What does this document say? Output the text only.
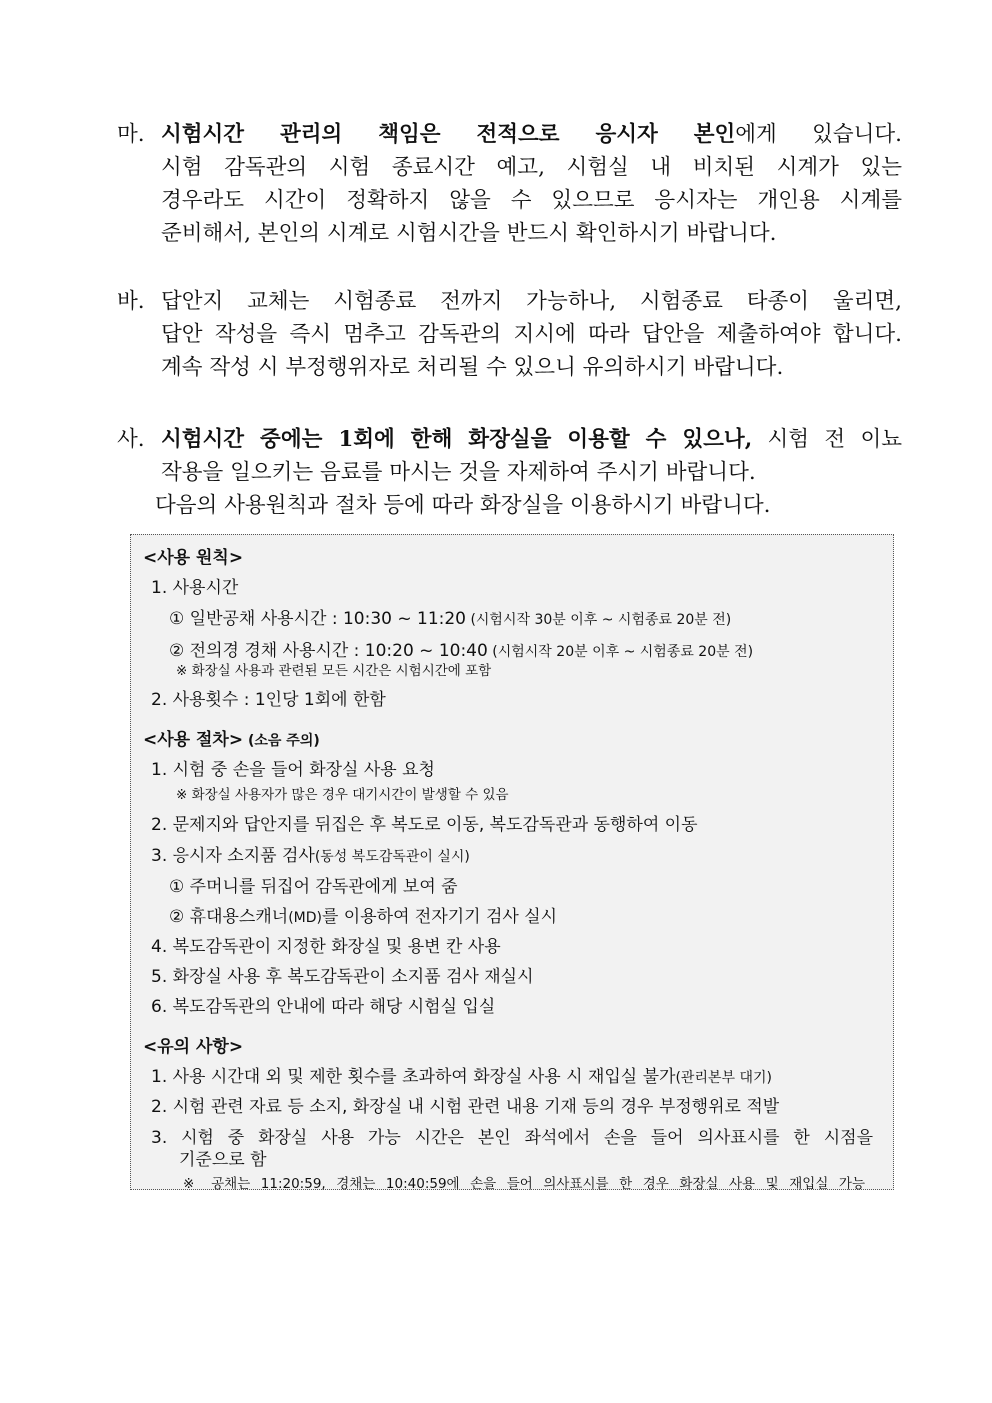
마. 시험시간 관리의 책임은 전적으로 응시자 본인에게 있습니다.
시험 감독관의 시험 종료시간 예고, 시험실 내 비치된 시계가 있는
경우라도 시간이 정확하지 않을 수 있으므로 응시자는 개인용 시계를
준비해서, 본인의 시계로 시험시간을 반드시 확인하시기 바랍니다.
바. 답안지 교체는 시험종료 전까지 가능하나, 시험종료 타종이 울리면,
답안 작성을 즉시 멈추고 감독관의 지시에 따라 답안을 제출하여야 합니다.
계속 작성 시 부정행위자로 처리될 수 있으니 유의하시기 바랍니다.
사. 시험시간 중에는 1회에 한해 화장실을 이용할 수 있으나, 시험 전 이뇨
작용을 일으키는 음료를 마시는 것을 자제하여 주시기 바랍니다.
다음의 사용원칙과 절차 등에 따라 화장실을 이용하시기 바랍니다.
<사용 원칙>
1. 사용시간
① 일반공채 사용시간 : 10:30 ~ 11:20 (시험시작 30분 이후 ~ 시험종료 20분 전)
② 전의경 경채 사용시간 : 10:20 ~ 10:40 (시험시작 20분 이후 ~ 시험종료 20분 전)
※ 화장실 사용과 관련된 모든 시간은 시험시간에 포함
2. 사용횟수 : 1인당 1회에 한함
<사용 절차> (소음 주의)
1. 시험 중 손을 들어 화장실 사용 요청
※ 화장실 사용자가 많은 경우 대기시간이 발생할 수 있음
2. 문제지와 답안지를 뒤집은 후 복도로 이동, 복도감독관과 동행하여 이동
3. 응시자 소지품 검사(동성 복도감독관이 실시)
① 주머니를 뒤집어 감독관에게 보여 줌
② 휴대용스캐너(MD)를 이용하여 전자기기 검사 실시
4. 복도감독관이 지정한 화장실 및 용변 칸 사용
5. 화장실 사용 후 복도감독관이 소지품 검사 재실시
6. 복도감독관의 안내에 따라 해당 시험실 입실
<유의 사항>
1. 사용 시간대 외 및 제한 횟수를 초과하여 화장실 사용 시 재입실 불가(관리본부 대기)
2. 시험 관련 자료 등 소지, 화장실 내 시험 관련 내용 기재 등의 경우 부정행위로 적발
3. 시험 중 화장실 사용 가능 시간은 본인 좌석에서 손을 들어 의사표시를 한 시점을
기준으로 함
※ 공채는 11:20:59, 경채는 10:40:59에 손을 들어 의사표시를 한 경우 화장실 사용 및 재입실 가능
